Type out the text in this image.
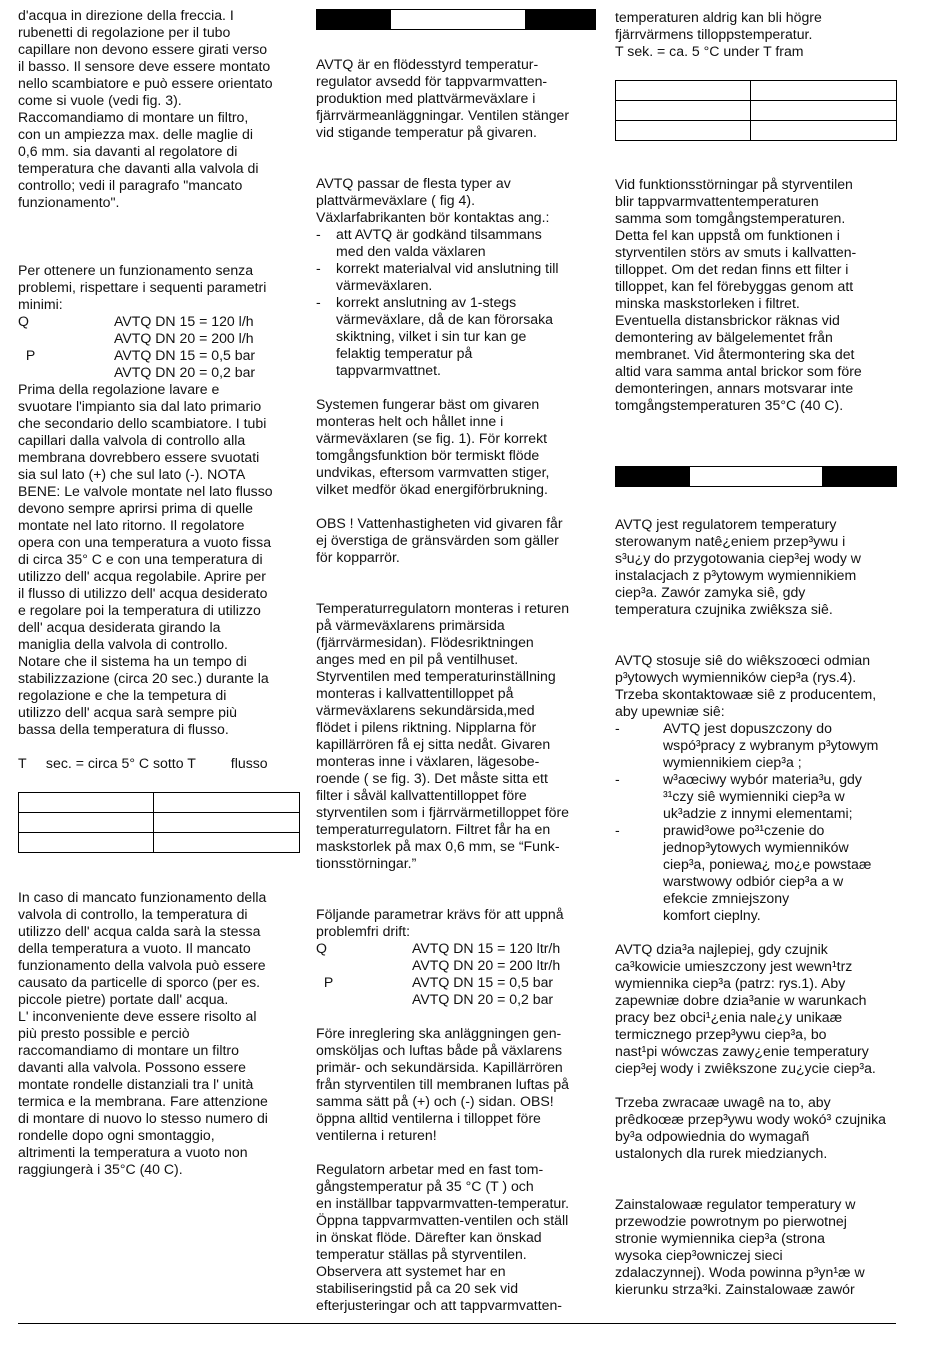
d'acqua in direzione della freccia. I

rubenetti di regolazione per il tubo

capillare non devono essere girati verso

il basso. Il sensore deve essere montato

nello scambiatore e può essere orientato

come si vuole (vedi fig. 3).

Raccomandiamo di montare un filtro,

con un ampiezza max. delle maglie di

0,6 mm. sia davanti al regolatore di

temperatura che davanti alla valvola di

controllo; vedi il paragrafo "mancato

funzionamento".

Per ottenere un funzionamento senza

problemi, rispettare i sequenti parametri

minimi:

Q	AVTQ DN 15 = 120 l/h
AVTQ DN 20 = 200 l/h
P	AVTQ DN 15 = 0,5 bar
AVTQ DN 20 = 0,2 bar

Prima della regolazione lavare e

svuotare l'impianto sia dal lato primario

che secondario dello scambiatore. I tubi

capillari dalla valvola di controllo alla

membrana dovrebbero essere svuotati

sia sul lato (+) che sul lato (-). NOTA

BENE: Le valvole montate nel lato flusso

devono sempre aprirsi prima di quelle

montate nel lato ritorno. Il regolatore

opera con una temperatura a vuoto fissa

di circa 35° C e con una temperatura di

utilizzo dell' acqua regolabile. Aprire per

il flusso di utilizzo dell' acqua desiderato

e regolare poi la temperatura di utilizzo

dell' acqua desiderata girando la

maniglia della valvola di controllo.

Notare che il sistema ha un tempo di

stabilizzazione (circa 20 sec.) durante la

regolazione e che la tempetura di

utilizzo dell' acqua sarà sempre più

bassa della temperatura di flusso.

T     sec. = circa 5° C sotto T         flusso

In caso di mancato funzionamento della

valvola di controllo, la temperatura di

utilizzo dell' acqua calda sarà la stessa

della temperatura a vuoto. Il mancato

funzionamento della valvola può essere

causato da particelle di sporco (per es.

piccole pietre) portate dall' acqua.

L' inconveniente deve essere risolto al

più presto possible e perciò

raccomandiamo di montare un filtro

davanti alla valvola. Possono essere

montate rondelle distanziali tra l' unità

termica e la membrana. Fare attenzione

di montare di nuovo lo stesso numero di

rondelle dopo ogni smontaggio,

altrimenti la temperatura a vuoto non

raggiungerà i 35°C (40 C).

AVTQ är en flödesstyrd temperatur-

regulator avsedd för tappvarmvatten-

produktion med plattvärmeväxlare i

fjärrvärmeanläggningar. Ventilen stänger

vid stigande temperatur på givaren.

AVTQ passar de flesta typer av

plattvärmeväxlare ( fig 4).

Växlarfabrikanten bör kontaktas ang.:

-	att AVTQ är godkänd tilsammans

med den valda växlaren

-	korrekt materialval vid anslutning till

värmeväxlaren.

-	korrekt anslutning av 1-stegs

värmeväxlare, då de kan förorsaka

skiktning, vilket i sin tur kan ge

felaktig temperatur på

tappvarmvattnet.

Systemen fungerar bäst om givaren

monteras helt och hållet inne i

värmeväxlaren (se fig. 1). För korrekt

tomgångsfunktion bör termiskt flöde

undvikas, eftersom varmvatten stiger,

vilket medför ökad energiförbrukning.

OBS ! Vattenhastigheten vid givaren får

ej överstiga de gränsvärden som gäller

för kopparrör.

Temperaturregulatorn monteras i returen

på värmeväxlarens primärsida

(fjärrvärmesidan). Flödesriktningen

anges med en pil på ventilhuset.

Styrventilen med temperaturinställning

monteras i kallvattentilloppet på

värmeväxlarens sekundärsida,med

flödet i pilens riktning. Nipplarna för

kapillärrören få ej sitta nedåt. Givaren

monteras inne i växlaren, lägesobe-

roende ( se fig. 3). Det måste sitta ett

filter i såväl kallvattentilloppet före

styrventilen som i fjärrvärmetilloppet före

temperaturregulatorn. Filtret får ha en

maskstorlek på max 0,6 mm, se “Funk-

tionsstörningar.”

Följande parametrar krävs för att uppnå

problemfri drift:

Q	AVTQ DN 15 = 120 ltr/h
AVTQ DN 20 = 200 ltr/h
P	AVTQ DN 15 = 0,5 bar
AVTQ DN 20 = 0,2 bar

Före inreglering ska anläggningen gen-

omsköljas och luftas både på växlarens

primär- och sekundärsida. Kapillärrören

från styrventilen till membranen luftas på

samma sätt på (+) och (-) sidan. OBS!

öppna alltid ventilerna i tilloppet före

ventilerna i returen!

Regulatorn arbetar med en fast tom-

gångstemperatur på 35 °C (T ) och

en inställbar tappvarmvatten-temperatur.

Öppna tappvarmvatten-ventilen och ställ

in önskat flöde. Därefter kan önskad

temperatur ställas på styrventilen.

Observera att systemet har en

stabiliseringstid på ca 20 sek vid

efterjusteringar och att tappvarmvatten-

temperaturen aldrig kan bli högre

fjärrvärmens tilloppstemperatur.

T sek. = ca. 5 °C under T fram

Vid funktionsstörningar på styrventilen

blir tappvarmvattentemperaturen

samma som tomgångstemperaturen.

Detta fel kan uppstå om funktionen i

styrventilen störs av smuts i kallvatten-

tilloppet. Om det redan finns ett filter i

tilloppet, kan fel förebyggas genom att

minska maskstorleken i filtret.

Eventuella distansbrickor räknas vid

demontering av bälgelementet från

membranet. Vid återmontering ska det

altid vara samma antal brickor som före

demonteringen, annars motsvarar inte

tomgångstemperaturen 35°C (40 C).

AVTQ jest regulatorem temperatury

sterowanym natê¿eniem przep³ywu i

s³u¿y do przygotowania ciep³ej wody w

instalacjach z p³ytowym wymiennikiem

ciep³a. Zawór zamyka siê, gdy

temperatura czujnika zwiêksza siê.

AVTQ stosuje siê do wiêkszoœci odmian

p³ytowych wymienników ciep³a (rys.4).

Trzeba skontaktowaæ siê z producentem,

aby upewniæ siê:

-	AVTQ jest dopuszczony do

wspó³pracy z wybranym p³ytowym

wymiennikiem ciep³a ;

-	w³aœciwy wybór materia³u, gdy

³¹czy siê wymienniki ciep³a w

uk³adzie z innymi elementami;

-	prawid³owe po³¹czenie do

jednop³ytowych wymienników

ciep³a, poniewa¿ mo¿e powstaæ

warstwowy odbiór ciep³a a w

efekcie zmniejszony

komfort cieplny.

AVTQ dzia³a najlepiej, gdy czujnik

ca³kowicie umieszczony jest wewn¹trz

wymiennika ciep³a (patrz: rys.1). Aby

zapewniæ dobre dzia³anie w warunkach

pracy bez obci¹¿enia nale¿y unikaæ

termicznego przep³ywu ciep³a, bo

nast¹pi wówczas zawy¿enie temperatury

ciep³ej wody i zwiêkszone zu¿ycie ciep³a.

Trzeba zwracaæ uwagê na to, aby

prêdkoœæ przep³ywu wody wokó³ czujnika

by³a odpowiednia do wymagañ

ustalonych dla rurek miedzianych.

Zainstalowaæ regulator temperatury w

przewodzie powrotnym po pierwotnej

stronie wymiennika ciep³a (strona

wysoka ciep³owniczej sieci

zdalaczynnej). Woda powinna p³yn¹æ w

kierunku strza³ki. Zainstalowaæ zawór
